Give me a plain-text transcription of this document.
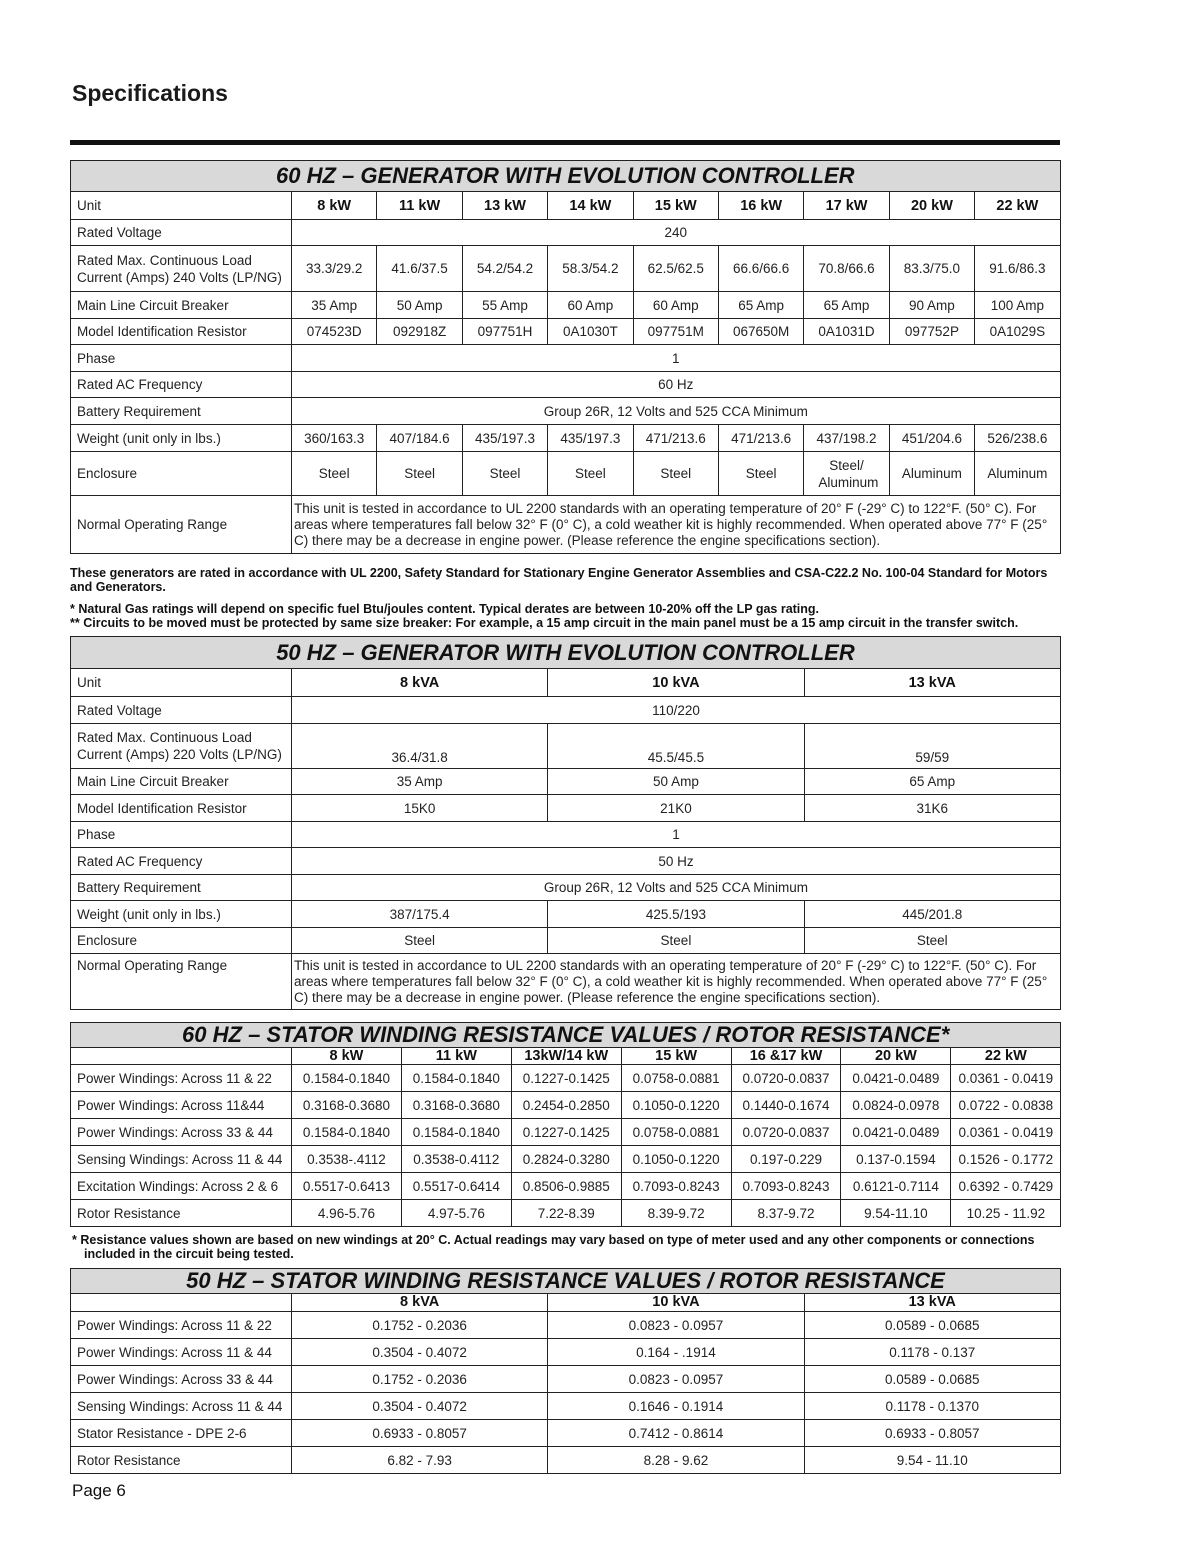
Specifications
60 HZ – GENERATOR WITH EVOLUTION CONTROLLER									
Unit	8 kW	11 kW	13 kW	14 kW	15 kW	16 kW	17 kW	20 kW	22 kW
Rated Voltage	240								
Rated Max. Continuous Load Current (Amps) 240 Volts (LP/NG)	33.3/29.2	41.6/37.5	54.2/54.2	58.3/54.2	62.5/62.5	66.6/66.6	70.8/66.6	83.3/75.0	91.6/86.3
Main Line Circuit Breaker	35 Amp	50 Amp	55 Amp	60 Amp	60 Amp	65 Amp	65 Amp	90 Amp	100 Amp
Model Identification Resistor	074523D	092918Z	097751H	0A1030T	097751M	067650M	0A1031D	097752P	0A1029S
Phase	1								
Rated AC Frequency	60 Hz								
Battery Requirement	Group 26R, 12 Volts and 525 CCA Minimum								
Weight (unit only in lbs.)	360/163.3	407/184.6	435/197.3	435/197.3	471/213.6	471/213.6	437/198.2	451/204.6	526/238.6
Enclosure	Steel	Steel	Steel	Steel	Steel	Steel	Steel/ Aluminum	Aluminum	Aluminum
Normal Operating Range	This unit is tested in accordance to UL 2200 standards with an operating temperature of 20° F (-29° C) to 122°F. (50° C). For areas where temperatures fall below 32° F (0° C), a cold weather kit is highly recommended. When operated above 77° F (25° C) there may be a decrease in engine power. (Please reference the engine specifications section).								
These generators are rated in accordance with UL 2200, Safety Standard for Stationary Engine Generator Assemblies and CSA-C22.2 No. 100-04 Standard for Motors and Generators.
* Natural Gas ratings will depend on specific fuel Btu/joules content. Typical derates are between 10-20% off the LP gas rating.
** Circuits to be moved must be protected by same size breaker: For example, a 15 amp circuit in the main panel must be a 15 amp circuit in the transfer switch.
50 HZ – GENERATOR WITH EVOLUTION CONTROLLER			
Unit	8 kVA	10 kVA	13 kVA
Rated Voltage	110/220		
Rated Max. Continuous Load Current (Amps) 220 Volts (LP/NG)	36.4/31.8	45.5/45.5	59/59
Main Line Circuit Breaker	35 Amp	50 Amp	65 Amp
Model Identification Resistor	15K0	21K0	31K6
Phase	1		
Rated AC Frequency	50 Hz		
Battery Requirement	Group 26R, 12 Volts and 525 CCA Minimum		
Weight (unit only in lbs.)	387/175.4	425.5/193	445/201.8
Enclosure	Steel	Steel	Steel
Normal Operating Range	This unit is tested in accordance to UL 2200 standards with an operating temperature of 20° F (-29° C) to 122°F. (50° C). For areas where temperatures fall below 32° F (0° C), a cold weather kit is highly recommended. When operated above 77° F (25° C) there may be a decrease in engine power. (Please reference the engine specifications section).		
60 HZ – STATOR WINDING RESISTANCE VALUES / ROTOR RESISTANCE*							
	8 kW	11 kW	13kW/14 kW	15 kW	16 &17 kW	20 kW	22 kW
Power Windings: Across 11 & 22	0.1584-0.1840	0.1584-0.1840	0.1227-0.1425	0.0758-0.0881	0.0720-0.0837	0.0421-0.0489	0.0361 - 0.0419
Power Windings: Across 11&44	0.3168-0.3680	0.3168-0.3680	0.2454-0.2850	0.1050-0.1220	0.1440-0.1674	0.0824-0.0978	0.0722 - 0.0838
Power Windings: Across 33 & 44	0.1584-0.1840	0.1584-0.1840	0.1227-0.1425	0.0758-0.0881	0.0720-0.0837	0.0421-0.0489	0.0361 - 0.0419
Sensing Windings: Across 11 & 44	0.3538-.4112	0.3538-0.4112	0.2824-0.3280	0.1050-0.1220	0.197-0.229	0.137-0.1594	0.1526 - 0.1772
Excitation Windings: Across 2 & 6	0.5517-0.6413	0.5517-0.6414	0.8506-0.9885	0.7093-0.8243	0.7093-0.8243	0.6121-0.7114	0.6392 - 0.7429
Rotor Resistance	4.96-5.76	4.97-5.76	7.22-8.39	8.39-9.72	8.37-9.72	9.54-11.10	10.25 - 11.92
* Resistance values shown are based on new windings at 20° C. Actual readings may vary based on type of meter used and any other components or connections included in the circuit being tested.
50 HZ – STATOR WINDING RESISTANCE VALUES / ROTOR RESISTANCE			
	8 kVA	10 kVA	13 kVA
Power Windings: Across 11 & 22	0.1752 - 0.2036	0.0823 - 0.0957	0.0589 - 0.0685
Power Windings: Across 11 & 44	0.3504 - 0.4072	0.164 - .1914	0.1178 - 0.137
Power Windings: Across 33 & 44	0.1752 - 0.2036	0.0823 - 0.0957	0.0589 - 0.0685
Sensing Windings: Across 11 & 44	0.3504 - 0.4072	0.1646 - 0.1914	0.1178 - 0.1370
Stator Resistance - DPE 2-6	0.6933 - 0.8057	0.7412 - 0.8614	0.6933 - 0.8057
Rotor Resistance	6.82 - 7.93	8.28 - 9.62	9.54 - 11.10
Page 6
